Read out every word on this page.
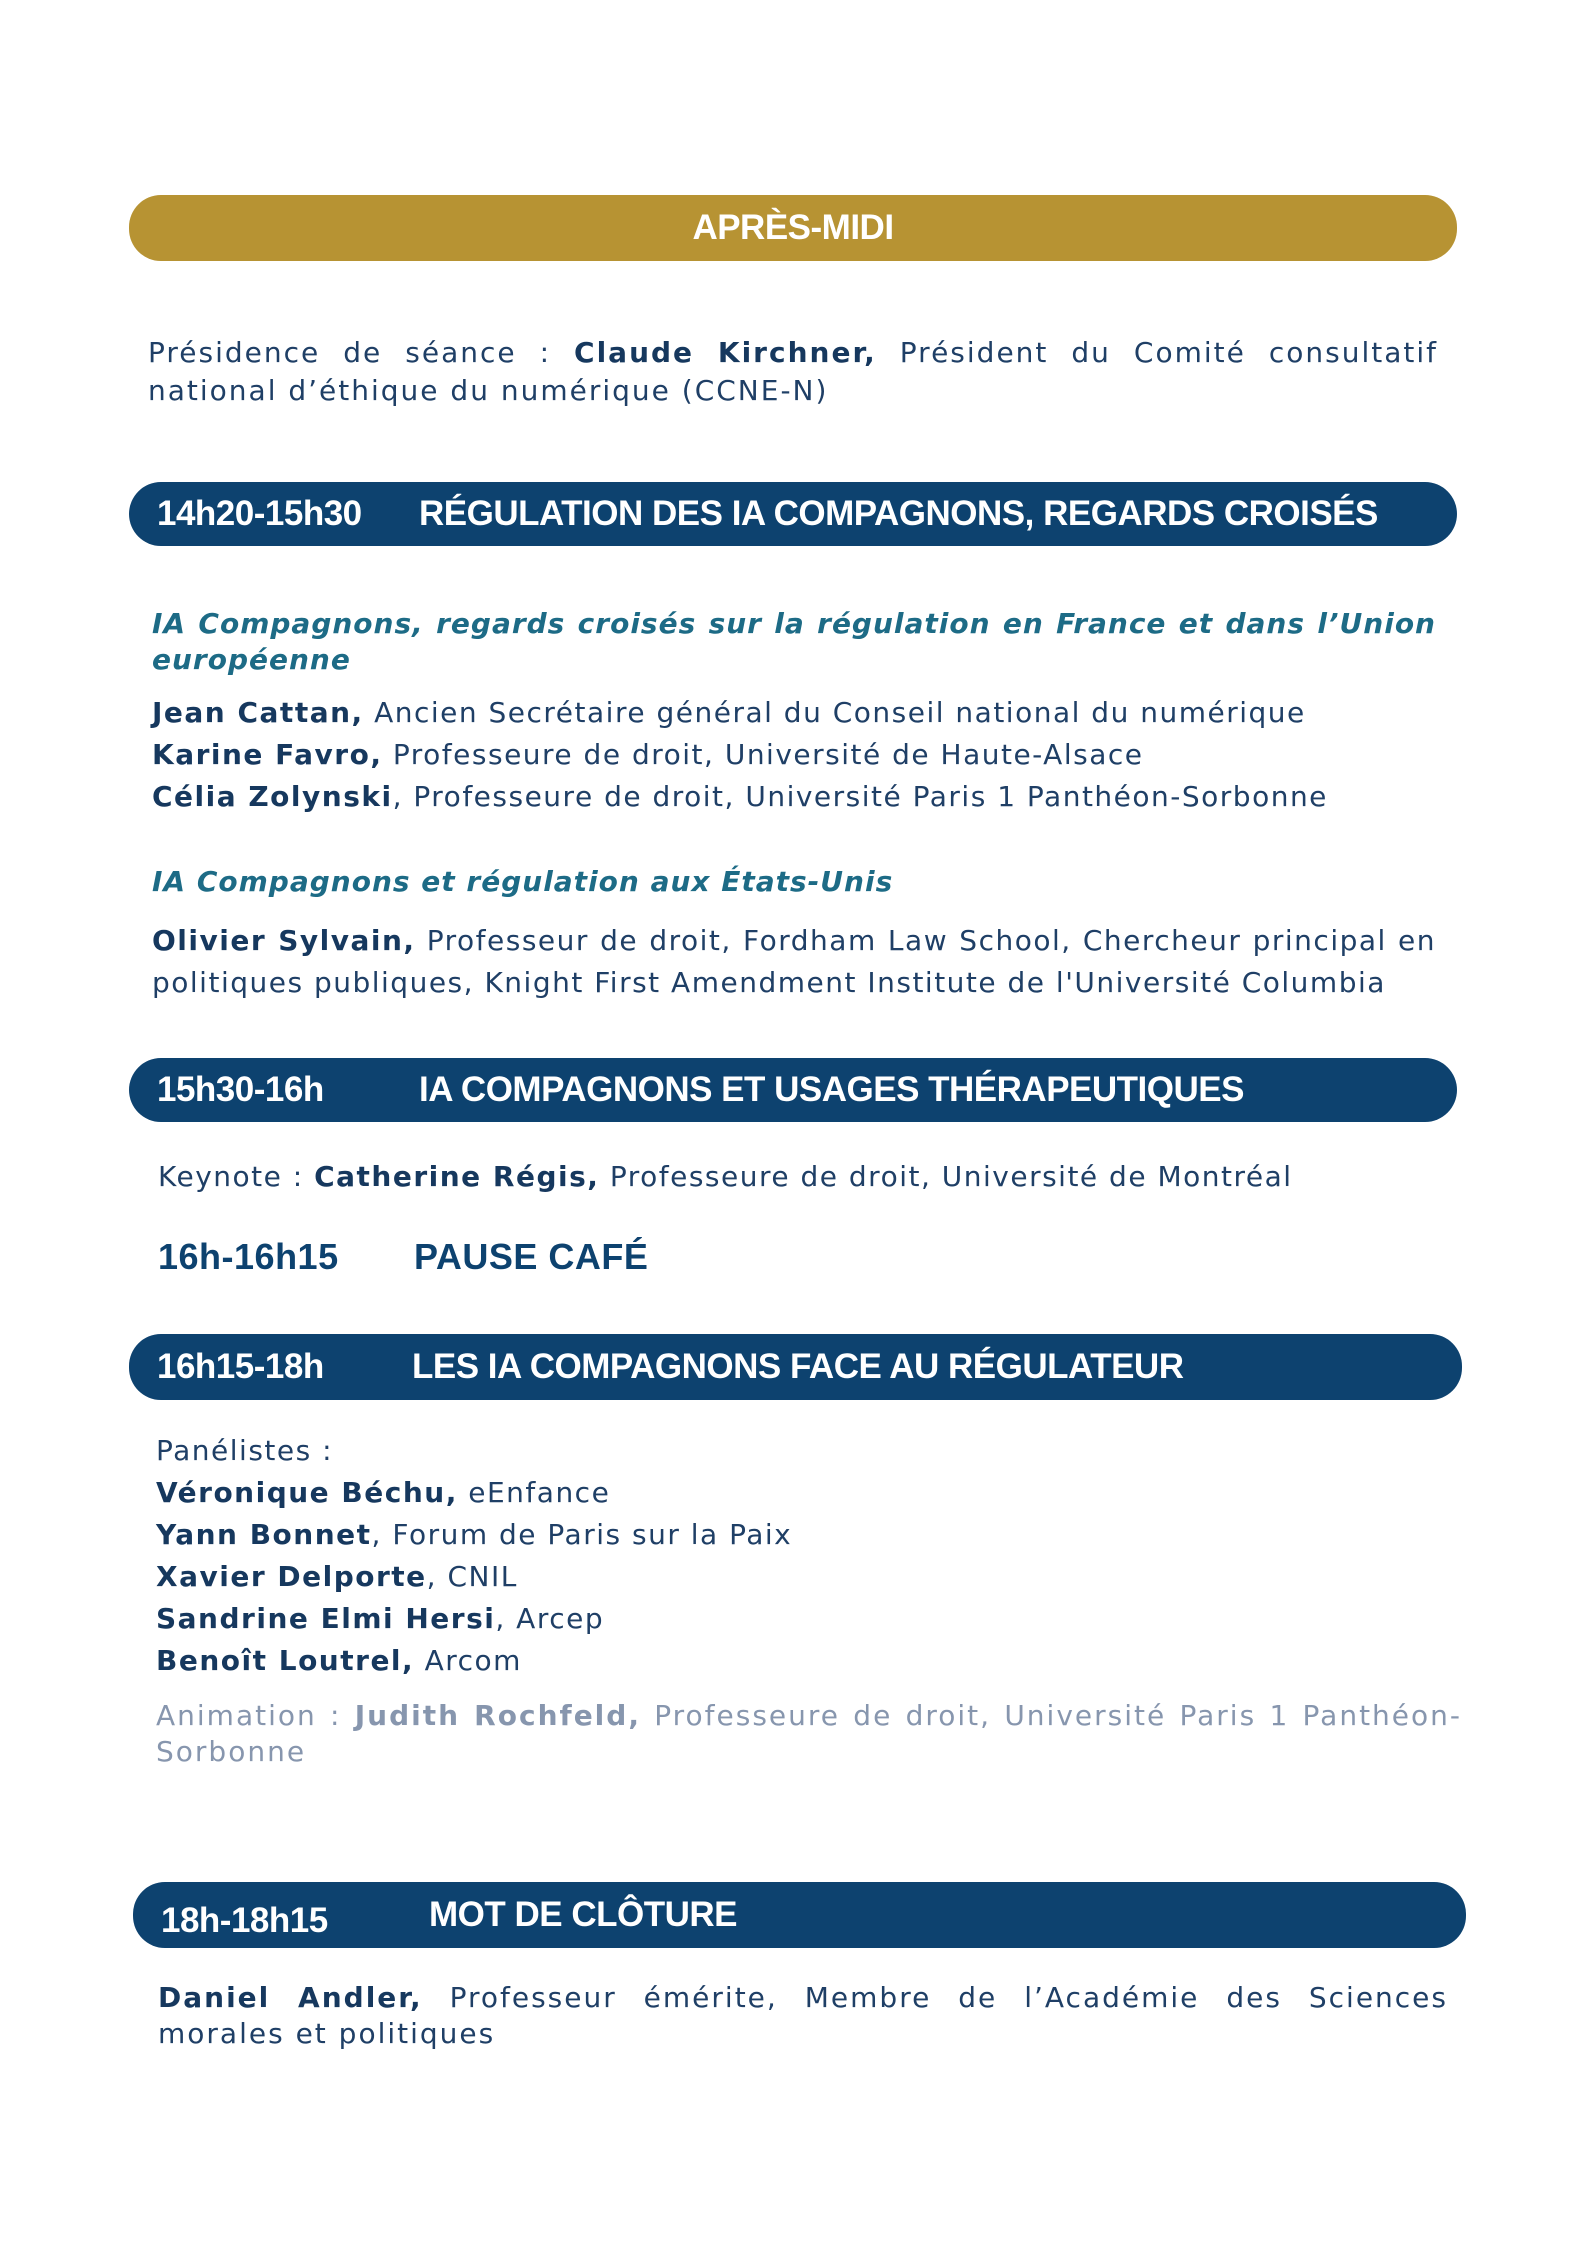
APRÈS-MIDI
Présidence de séance : Claude Kirchner, Président du Comité consultatif national d’éthique du numérique (CCNE-N)
14h20-15h30 RÉGULATION DES IA COMPAGNONS, REGARDS CROISÉS
IA Compagnons, regards croisés sur la régulation en France et dans l’Union européenne
Jean Cattan, Ancien Secrétaire général du Conseil national du numérique
Karine Favro, Professeure de droit, Université de Haute-Alsace
Célia Zolynski, Professeure de droit, Université Paris 1 Panthéon-Sorbonne
IA Compagnons et régulation aux États-Unis
Olivier Sylvain, Professeur de droit, Fordham Law School, Chercheur principal en politiques publiques, Knight First Amendment Institute de l'Université Columbia
15h30-16h	IA COMPAGNONS ET USAGES THÉRAPEUTIQUES
Keynote : Catherine Régis, Professeure de droit, Université de Montréal
16h-16h15 PAUSE CAFÉ
16h15-18h	LES IA COMPAGNONS FACE AU RÉGULATEUR
Panélistes :
Véronique Béchu, eEnfance
Yann Bonnet, Forum de Paris sur la Paix
Xavier Delporte, CNIL
Sandrine Elmi Hersi, Arcep
Benoît Loutrel, Arcom
Animation : Judith Rochfeld, Professeure de droit, Université Paris 1 Panthéon-Sorbonne
18h-18h15	MOT DE CLÔTURE
Daniel Andler, Professeur émérite, Membre de l’Académie des Sciences morales et politiques
